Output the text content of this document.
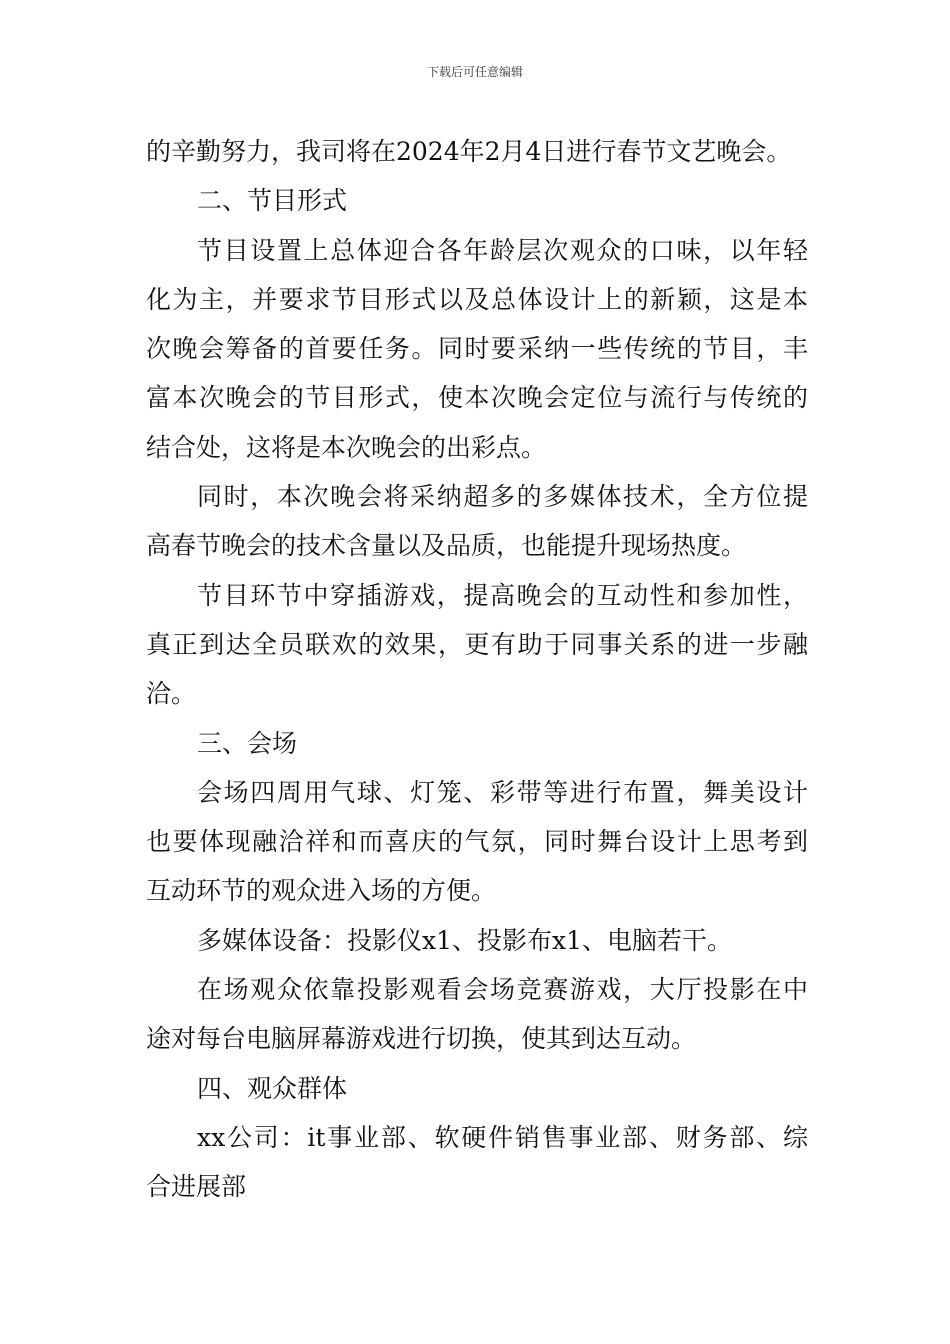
下载后可任意编辑
的辛勤努力，我司将在2024年2月4日进行春节文艺晚会。
二、节目形式
节目设置上总体迎合各年龄层次观众的口味，以年轻
化为主，并要求节目形式以及总体设计上的新颖，这是本
次晚会筹备的首要任务。同时要采纳一些传统的节目，丰
富本次晚会的节目形式，使本次晚会定位与流行与传统的
结合处，这将是本次晚会的出彩点。
同时，本次晚会将采纳超多的多媒体技术，全方位提
高春节晚会的技术含量以及品质，也能提升现场热度。
节目环节中穿插游戏，提高晚会的互动性和参加性，
真正到达全员联欢的效果，更有助于同事关系的进一步融
洽。
三、会场
会场四周用气球、灯笼、彩带等进行布置，舞美设计
也要体现融洽祥和而喜庆的气氛，同时舞台设计上思考到
互动环节的观众进入场的方便。
多媒体设备：投影仪x1、投影布x1、电脑若干。
在场观众依靠投影观看会场竞赛游戏，大厅投影在中
途对每台电脑屏幕游戏进行切换，使其到达互动。
四、观众群体
xx公司：it事业部、软硬件销售事业部、财务部、综
合进展部
